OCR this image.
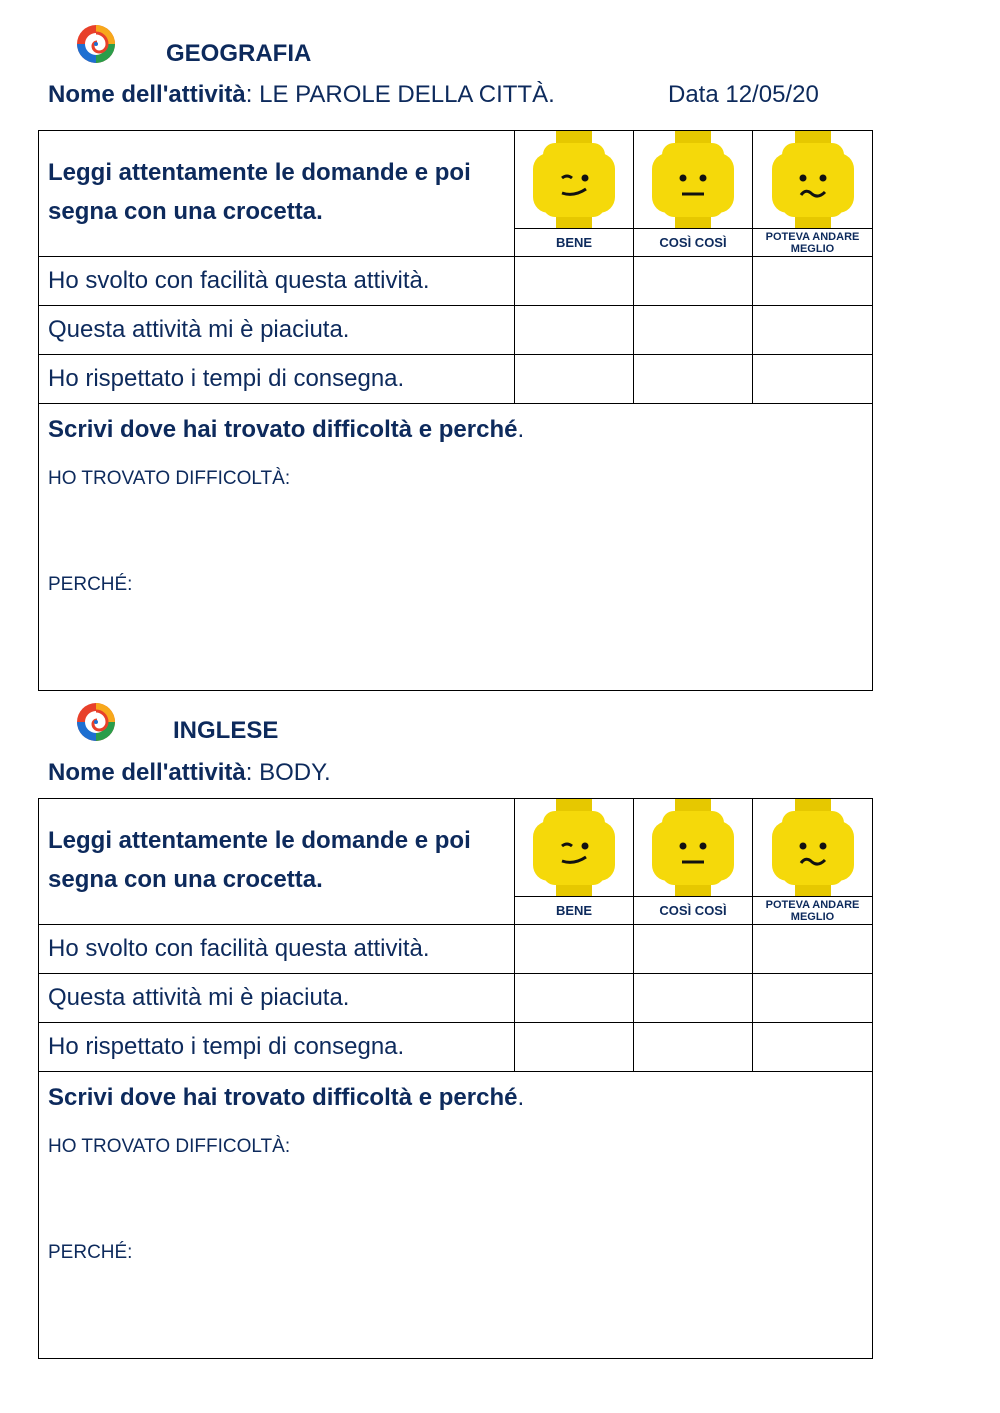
GEOGRAFIA
Nome dell'attività: LE PAROLE DELLA CITTÀ.	Data 12/05/20
Leggi attentamente le domande e poi segna con una crocetta.	

	BENE	COSÌ COSÌ	POTEVA ANDARE MEGLIO
Ho svolto con facilità questa attività.			
Questa attività mi è piaciuta.			
Ho rispettato i tempi di consegna.			

Scrivi dove hai trovato difficoltà e perché.
HO TROVATO DIFFICOLTÀ:
PERCHÉ:			
INGLESE
Nome dell'attività: BODY.
Leggi attentamente le domande e poi segna con una crocetta.	

	BENE	COSÌ COSÌ	POTEVA ANDARE MEGLIO
Ho svolto con facilità questa attività.			
Questa attività mi è piaciuta.			
Ho rispettato i tempi di consegna.			

Scrivi dove hai trovato difficoltà e perché.
HO TROVATO DIFFICOLTÀ:
PERCHÉ:			
